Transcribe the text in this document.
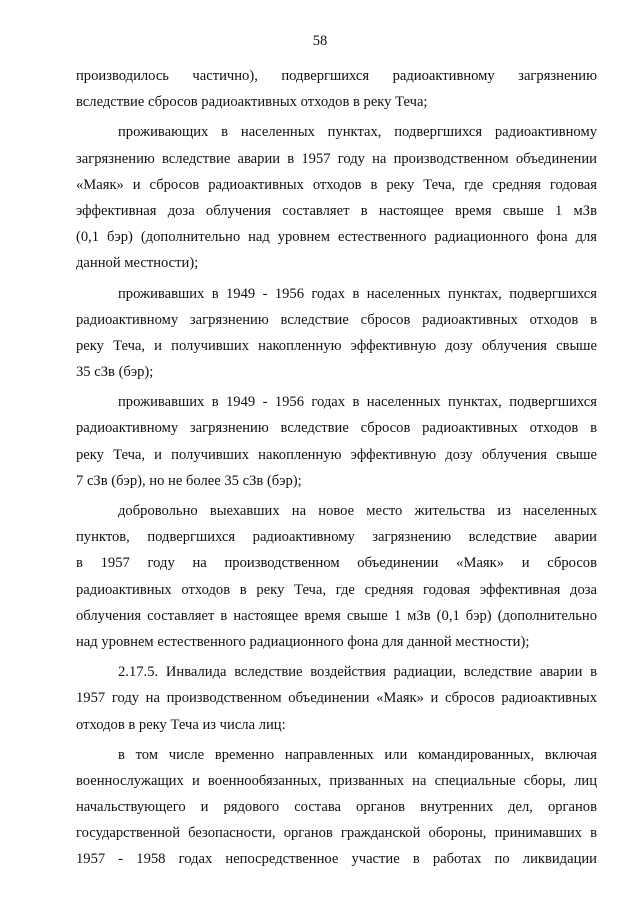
58
производилось частично), подвергшихся радиоактивному загрязнению
вследствие сбросов радиоактивных отходов в реку Теча;
проживающих в населенных пунктах, подвергшихся радиоактивному
загрязнению вследствие аварии в 1957 году на производственном объединении
«Маяк» и сбросов радиоактивных отходов в реку Теча, где средняя годовая
эффективная доза облучения составляет в настоящее время свыше 1 мЗв
(0,1 бэр) (дополнительно над уровнем естественного радиационного фона для
данной местности);
проживавших в 1949 - 1956 годах в населенных пунктах, подвергшихся
радиоактивному загрязнению вследствие сбросов радиоактивных отходов в
реку Теча, и получивших накопленную эффективную дозу облучения свыше
35 сЗв (бэр);
проживавших в 1949 - 1956 годах в населенных пунктах, подвергшихся
радиоактивному загрязнению вследствие сбросов радиоактивных отходов в
реку Теча, и получивших накопленную эффективную дозу облучения свыше
7 сЗв (бэр), но не более 35 сЗв (бэр);
добровольно выехавших на новое место жительства из населенных
пунктов, подвергшихся радиоактивному загрязнению вследствие аварии
в 1957 году на производственном объединении «Маяк» и сбросов
радиоактивных отходов в реку Теча, где средняя годовая эффективная доза
облучения составляет в настоящее время свыше 1 мЗв (0,1 бэр) (дополнительно
над уровнем естественного радиационного фона для данной местности);
2.17.5. Инвалида вследствие воздействия радиации, вследствие аварии в
1957 году на производственном объединении «Маяк» и сбросов радиоактивных
отходов в реку Теча из числа лиц:
в том числе временно направленных или командированных, включая
военнослужащих и военнообязанных, призванных на специальные сборы, лиц
начальствующего и рядового состава органов внутренних дел, органов
государственной безопасности, органов гражданской обороны, принимавших в
1957 - 1958 годах непосредственное участие в работах по ликвидации
